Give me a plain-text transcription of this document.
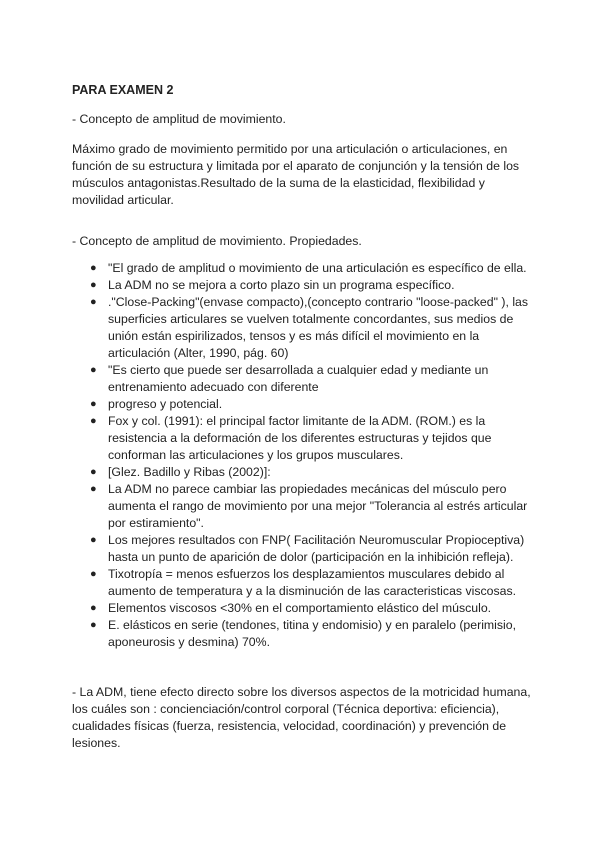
PARA EXAMEN 2

- Concepto de amplitud de movimiento.

Máximo grado de movimiento permitido por una articulación o articulaciones, en función de su estructura y limitada por el aparato de conjunción y la tensión de los músculos antagonistas.Resultado de la suma de la elasticidad, flexibilidad y movilidad articular.

- Concepto de amplitud de movimiento. Propiedades.

● "El grado de amplitud o movimiento de una articulación es específico de ella.
● La ADM no se mejora a corto plazo sin un programa específico.
● ."Close-Packing"(envase compacto),(concepto contrario "loose-packed" ), las superficies articulares se vuelven totalmente concordantes, sus medios de unión están espirilizados, tensos y es más difícil el movimiento en la articulación (Alter, 1990, pág. 60)
● "Es cierto que puede ser desarrollada a cualquier edad y mediante un entrenamiento adecuado con diferente
● progreso y potencial.
● Fox y col. (1991): el principal factor limitante de la ADM. (ROM.) es la resistencia a la deformación de los diferentes estructuras y tejidos que conforman las articulaciones y los grupos musculares.
● [Glez. Badillo y Ribas (2002)]:
● La ADM no parece cambiar las propiedades mecánicas del músculo pero aumenta el rango de movimiento por una mejor "Tolerancia al estrés articular por estiramiento".
● Los mejores resultados con FNP( Facilitación Neuromuscular Propioceptiva) hasta un punto de aparición de dolor (participación en la inhibición refleja).
● Tixotropía = menos esfuerzos los desplazamientos musculares debido al aumento de temperatura y a la disminución de las caracteristicas viscosas.
● Elementos viscosos <30% en el comportamiento elástico del músculo.
● E. elásticos en serie (tendones, titina y endomisio) y en paralelo (perimisio, aponeurosis y desmina) 70%.

- La ADM, tiene efecto directo sobre los diversos aspectos de la motricidad humana, los cuáles son : concienciación/control corporal (Técnica deportiva: eficiencia), cualidades físicas (fuerza, resistencia, velocidad, coordinación) y prevención de lesiones.
